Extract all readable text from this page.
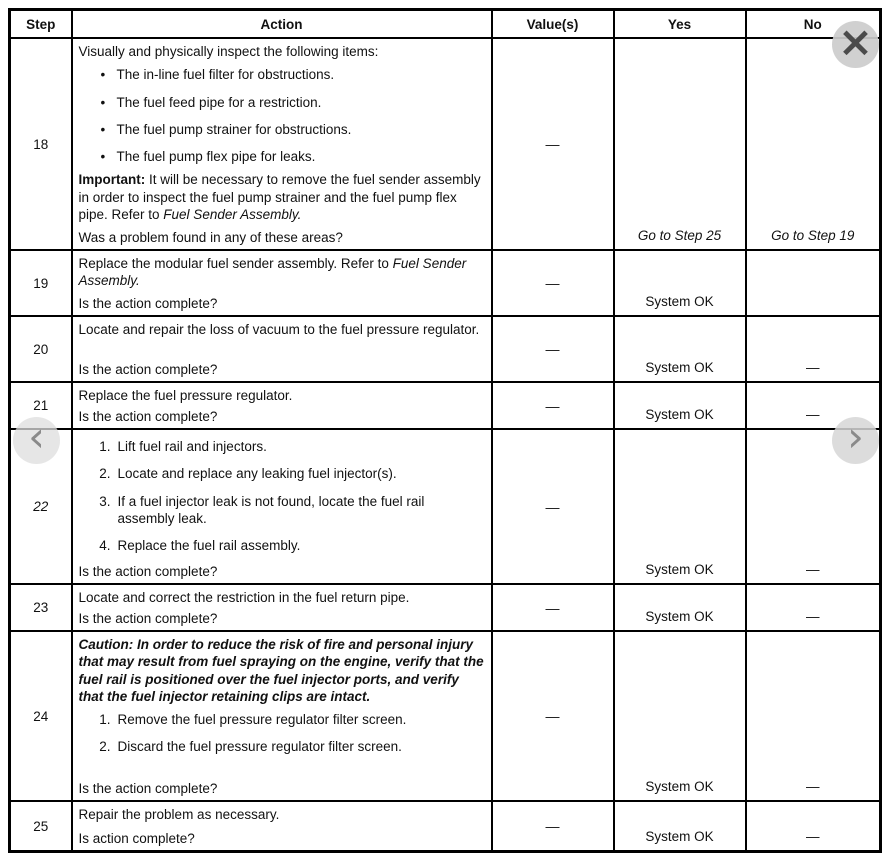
Step	Action	Value(s)	Yes	No
18	
Visually and physically inspect the following items:
• The in-line fuel filter for obstructions.
• The fuel feed pipe for a restriction.
• The fuel pump strainer for obstructions.
• The fuel pump flex pipe for leaks.
Important: It will be necessary to remove the fuel sender assembly in order to inspect the fuel pump strainer and the fuel pump flex pipe. Refer to Fuel Sender Assembly.
Was a problem found in any of these areas?
	—	Go to Step 25	Go to Step 19
19	Replace the modular fuel sender assembly. Refer to Fuel Sender Assembly.
Is the action complete?	—	System OK	
20	Locate and repair the loss of vacuum to the fuel pressure regulator.
Is the action complete?	—	System OK	—
21	Replace the fuel pressure regulator.
Is the action complete?	—	System OK	—
22	
1. Lift fuel rail and injectors.
2. Locate and replace any leaking fuel injector(s).
3. If a fuel injector leak is not found, locate the fuel rail assembly leak.
4. Replace the fuel rail assembly.
Is the action complete?
	—	System OK	—
23	Locate and correct the restriction in the fuel return pipe.
Is the action complete?	—	System OK	—
24	
Caution: In order to reduce the risk of fire and personal injury that may result from fuel spraying on the engine, verify that the fuel rail is positioned over the fuel injector ports, and verify that the fuel injector retaining clips are intact.
1. Remove the fuel pressure regulator filter screen.
2. Discard the fuel pressure regulator filter screen.
Is the action complete?
	—	System OK	—
25	Repair the problem as necessary.
Is action complete?	—	System OK	—
×
‹	›
